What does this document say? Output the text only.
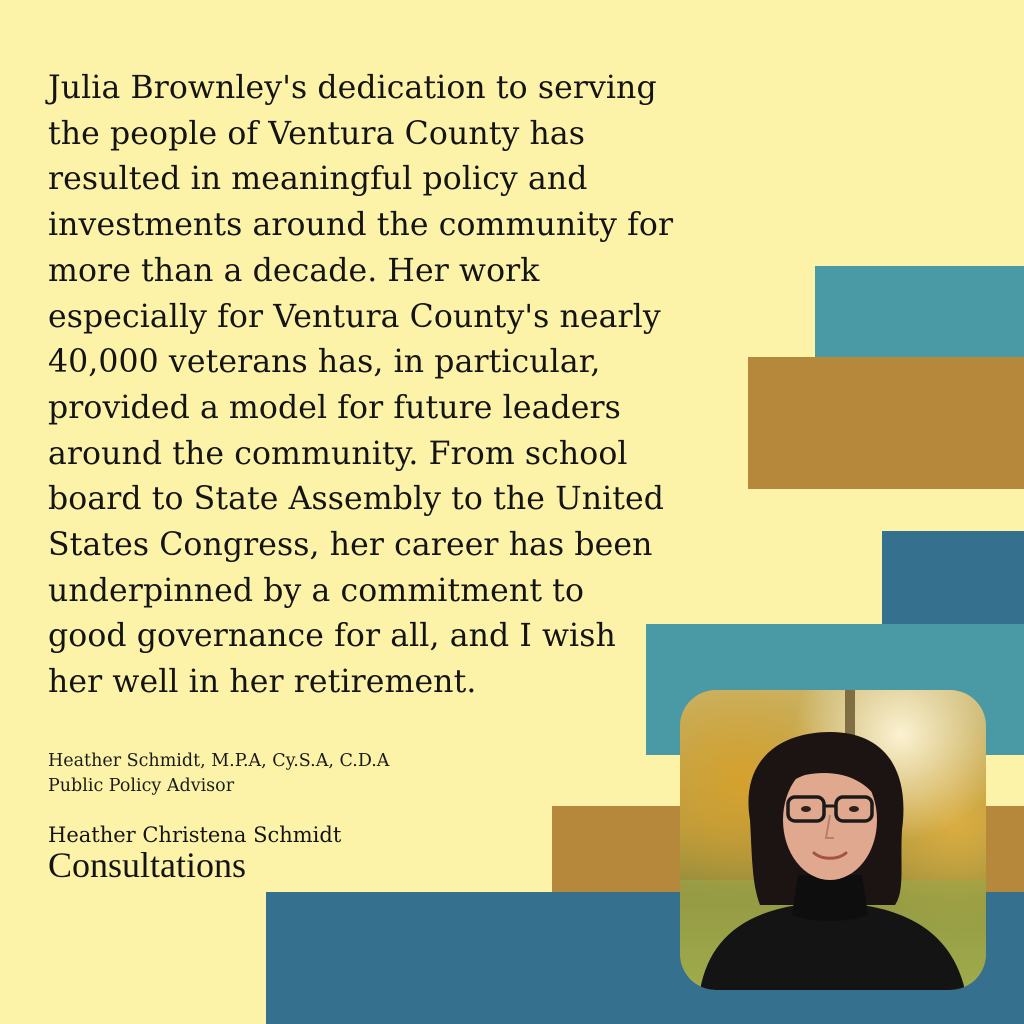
Julia Brownley's dedication to serving
the people of Ventura County has
resulted in meaningful policy and
investments around the community for
more than a decade. Her work
especially for Ventura County's nearly
40,000 veterans has, in particular,
provided a model for future leaders
around the community. From school
board to State Assembly to the United
States Congress, her career has been
underpinned by a commitment to
good governance for all, and I wish
her well in her retirement.

Heather Schmidt, M.P.A, Cy.S.A, C.D.A

Public Policy Advisor

Heather Christena Schmidt

Consultations
